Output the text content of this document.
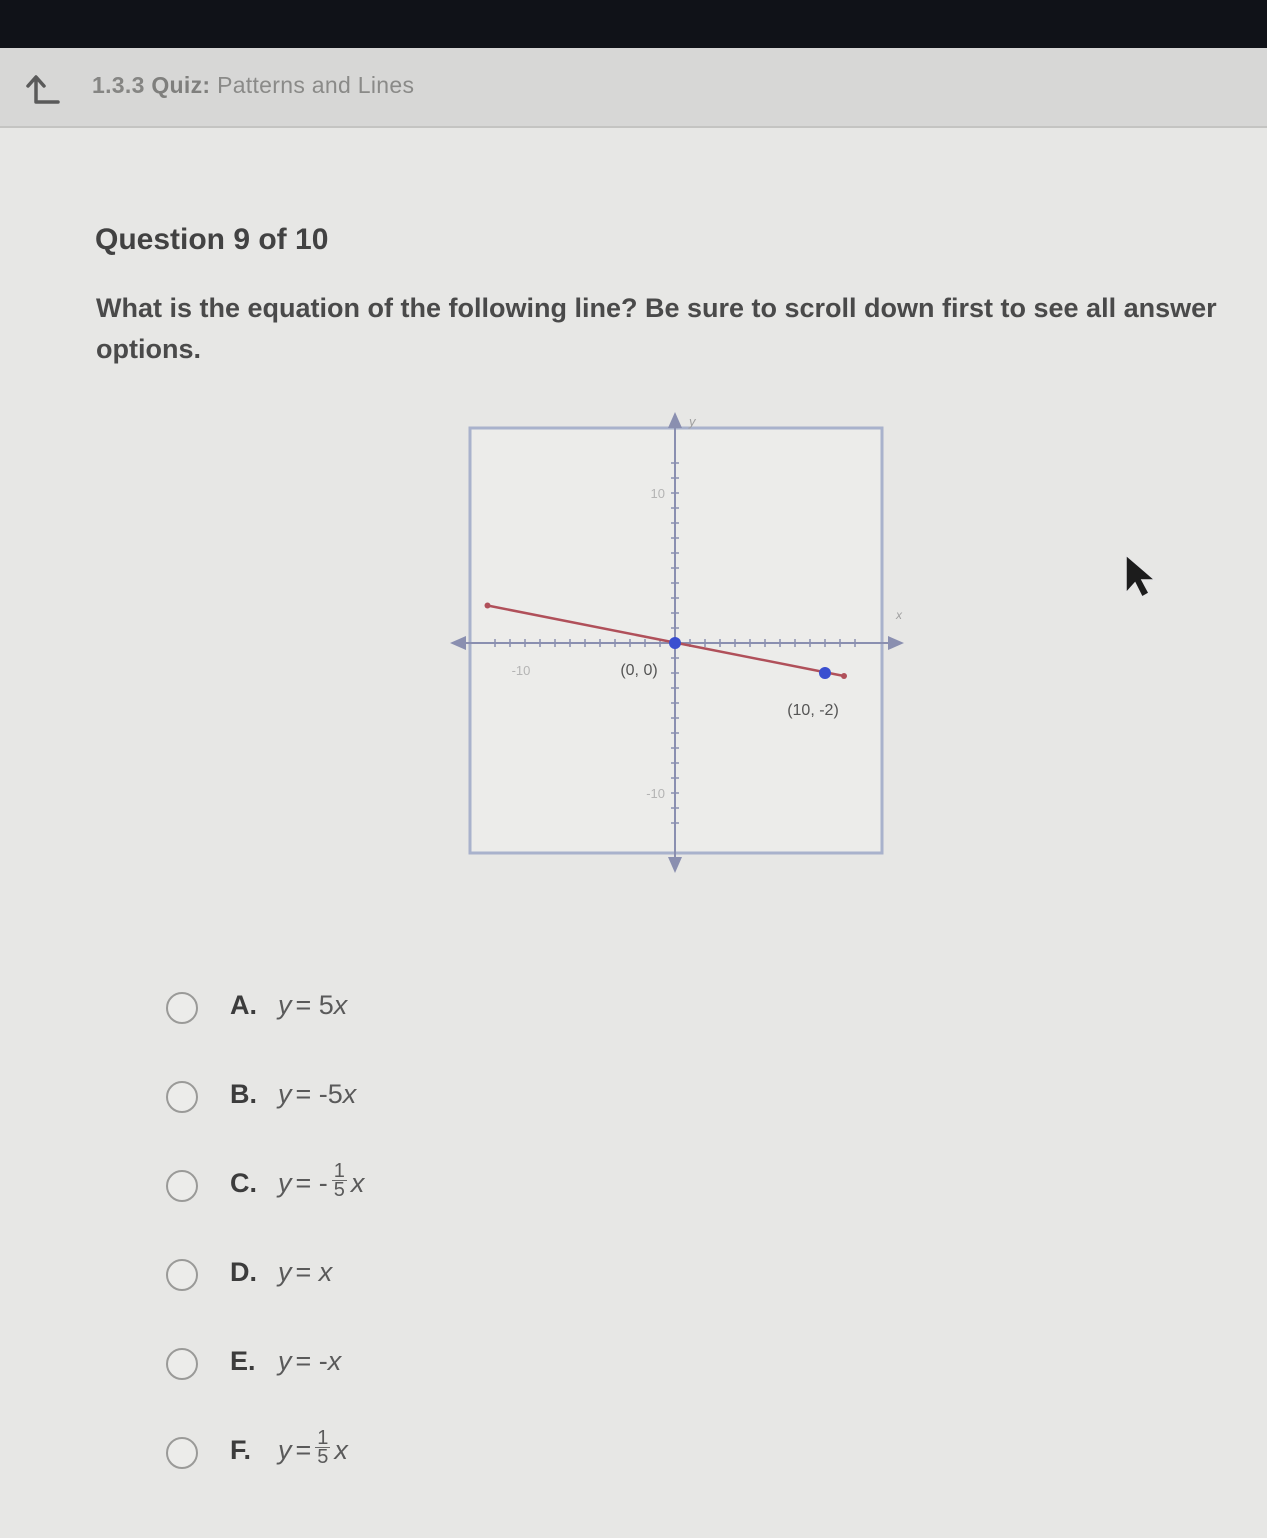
1.3.3 Quiz: Patterns and Lines
Question 9 of 10
What is the equation of the following line? Be sure to scroll down first to see all answer options.
x
y
-10
10
-10
(0, 0)
(10, -2)
A. y = 5x
B. y = -5x
C. y = - $\frac{1}{5}$ x
D. y = x
E. y = -x
F. $y = \frac{1}{5}$ x
